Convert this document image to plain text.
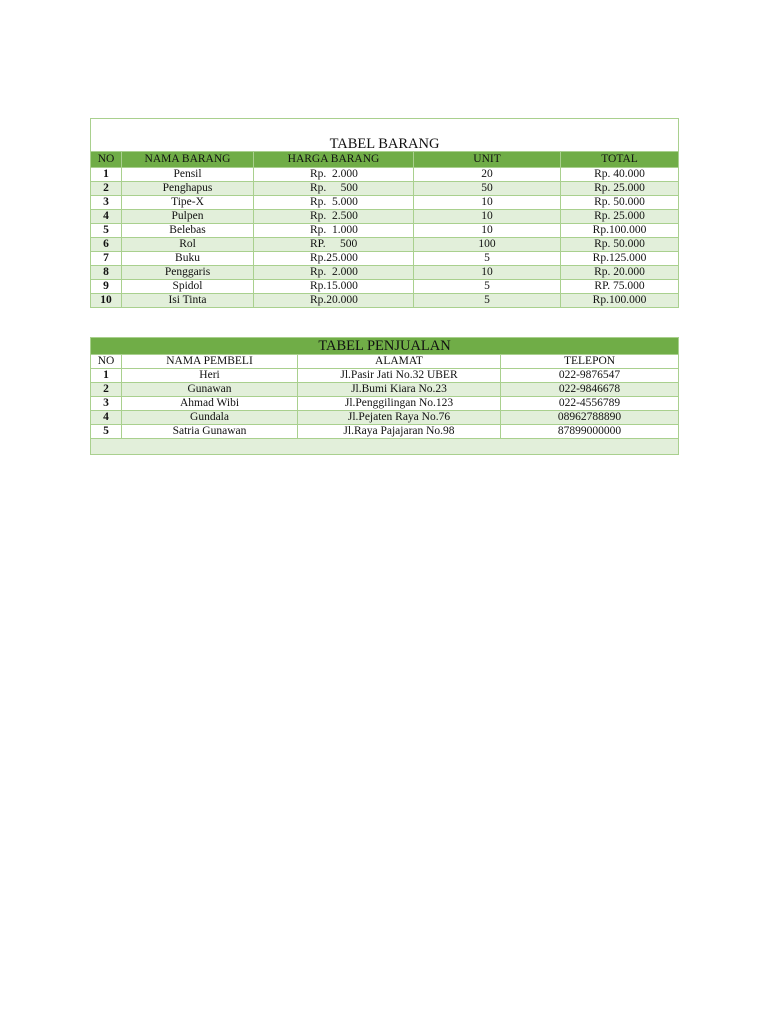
TABEL BARANG				
NO	NAMA BARANG	HARGA BARANG	UNIT	TOTAL
1	Pensil	Rp.  2.000	20	Rp. 40.000
2	Penghapus	Rp.     500	50	Rp. 25.000
3	Tipe-X	Rp.  5.000	10	Rp. 50.000
4	Pulpen	Rp.  2.500	10	Rp. 25.000
5	Belebas	Rp.  1.000	10	Rp.100.000
6	Rol	RP.     500	100	Rp. 50.000
7	Buku	Rp.25.000	5	Rp.125.000
8	Penggaris	Rp.  2.000	10	Rp. 20.000
9	Spidol	Rp.15.000	5	RP. 75.000
10	Isi Tinta	Rp.20.000	5	Rp.100.000
TABEL PENJUALAN			
NO	NAMA PEMBELI	ALAMAT	TELEPON
1	Heri	Jl.Pasir Jati No.32 UBER	022-9876547
2	Gunawan	Jl.Bumi Kiara No.23	022-9846678
3	Ahmad Wibi	Jl.Penggilingan No.123	022-4556789
4	Gundala	Jl.Pejaten Raya No.76	08962788890
5	Satria Gunawan	Jl.Raya Pajajaran No.98	87899000000
